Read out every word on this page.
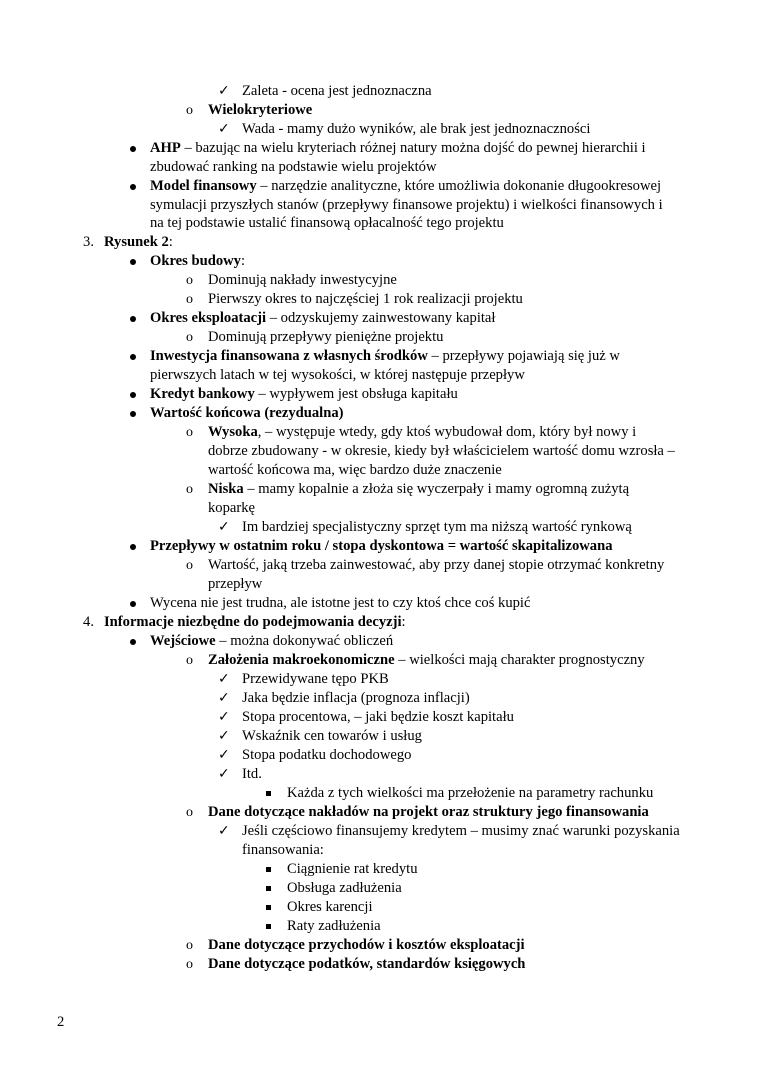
✓ Zaleta - ocena jest jednoznaczna
o Wielokryteriowe
✓ Wada - mamy dużo wyników, ale brak jest jednoznaczności
AHP – bazując na wielu kryteriach różnej natury można dojść do pewnej hierarchii i
zbudować ranking na podstawie wielu projektów
Model finansowy – narzędzie analityczne, które umożliwia dokonanie długookresowej
symulacji przyszłych stanów (przepływy finansowe projektu) i wielkości finansowych i
na tej podstawie ustalić finansową opłacalność tego projektu
3. Rysunek 2:
Okres budowy:
o Dominują nakłady inwestycyjne
o Pierwszy okres to najczęściej 1 rok realizacji projektu
Okres eksploatacji – odzyskujemy zainwestowany kapitał
o Dominują przepływy pieniężne projektu
Inwestycja finansowana z własnych środków – przepływy pojawiają się już w
pierwszych latach w tej wysokości, w której następuje przepływ
Kredyt bankowy – wypływem jest obsługa kapitału
Wartość końcowa (rezydualna)
o Wysoka, – występuje wtedy, gdy ktoś wybudował dom, który był nowy i
dobrze zbudowany - w okresie, kiedy był właścicielem wartość domu wzrosła –
wartość końcowa ma, więc bardzo duże znaczenie
o Niska – mamy kopalnie a złoża się wyczerpały i mamy ogromną zużytą
koparkę
✓ Im bardziej specjalistyczny sprzęt tym ma niższą wartość rynkową
Przepływy w ostatnim roku / stopa dyskontowa = wartość skapitalizowana
o Wartość, jaką trzeba zainwestować, aby przy danej stopie otrzymać konkretny
przepływ
Wycena nie jest trudna, ale istotne jest to czy ktoś chce coś kupić
4. Informacje niezbędne do podejmowania decyzji:
Wejściowe – można dokonywać obliczeń
o Założenia makroekonomiczne – wielkości mają charakter prognostyczny
✓ Przewidywane tępo PKB
✓ Jaka będzie inflacja (prognoza inflacji)
✓ Stopa procentowa, – jaki będzie koszt kapitału
✓ Wskaźnik cen towarów i usług
✓ Stopa podatku dochodowego
✓ Itd.
Każda z tych wielkości ma przełożenie na parametry rachunku
o Dane dotyczące nakładów na projekt oraz struktury jego finansowania
✓ Jeśli częściowo finansujemy kredytem – musimy znać warunki pozyskania
finansowania:
Ciągnienie rat kredytu
Obsługa zadłużenia
Okres karencji
Raty zadłużenia
o Dane dotyczące przychodów i kosztów eksploatacji
o Dane dotyczące podatków, standardów księgowych
2
